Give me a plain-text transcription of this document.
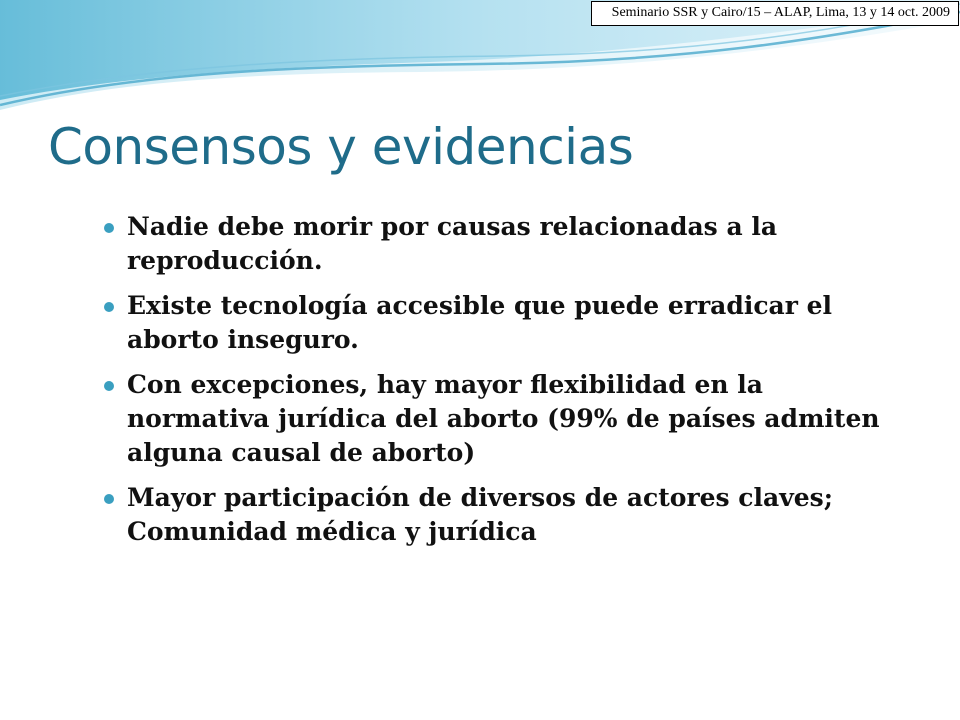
Seminario SSR y Cairo/15 – ALAP, Lima, 13 y 14 oct. 2009
Consensos y evidencias
Nadie debe morir por causas relacionadas a la reproducción.
Existe tecnología accesible que puede erradicar el aborto inseguro.
Con excepciones, hay mayor flexibilidad en la normativa jurídica del aborto (99% de países admiten alguna causal de aborto)
Mayor participación de diversos de actores claves; Comunidad médica y jurídica
